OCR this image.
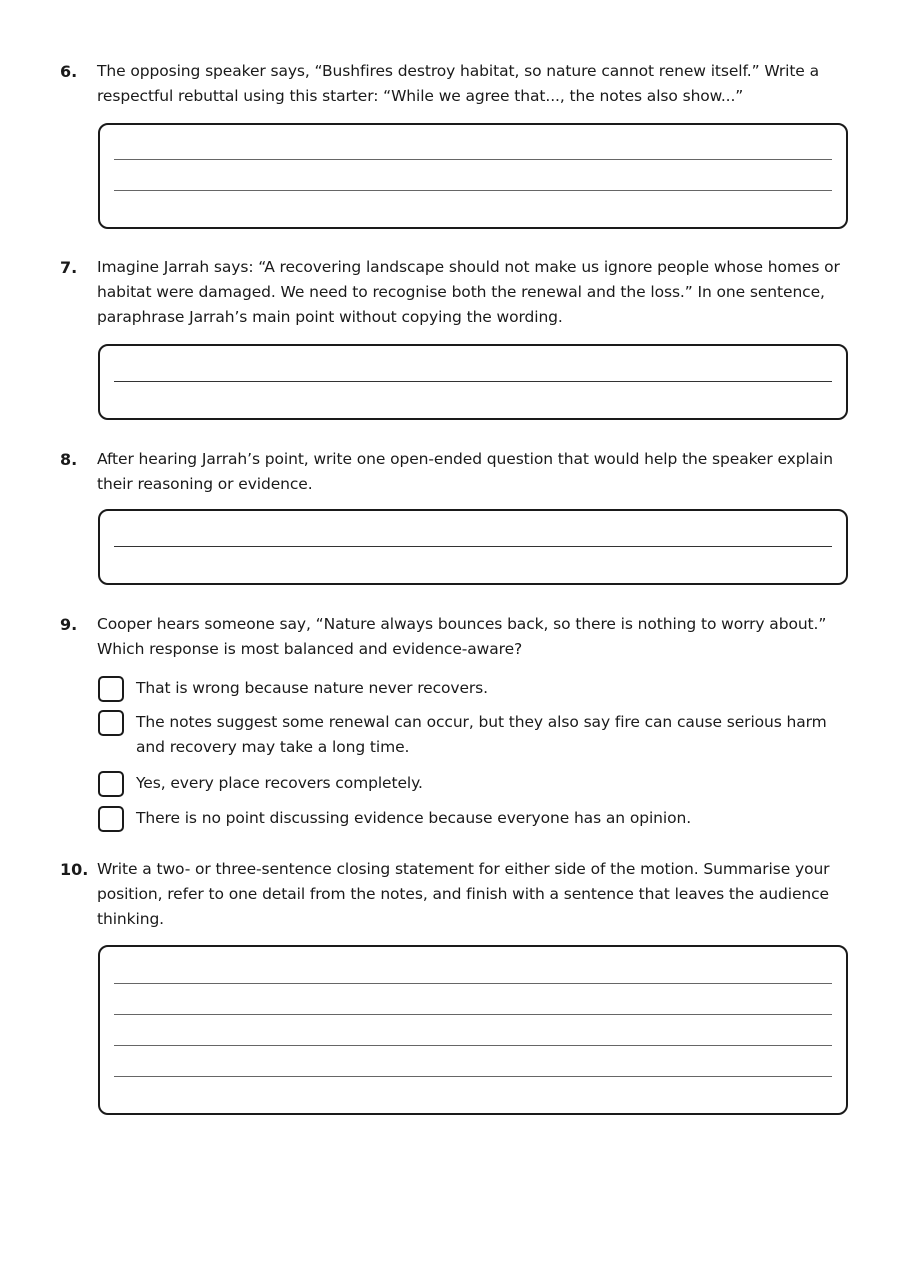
6. The opposing speaker says, “Bushfires destroy habitat, so nature cannot renew itself.” Write a respectful rebuttal using this starter: “While we agree that..., the notes also show...”

7. Imagine Jarrah says: “A recovering landscape should not make us ignore people whose homes or habitat were damaged. We need to recognise both the renewal and the loss.” In one sentence, paraphrase Jarrah’s main point without copying the wording.

8. After hearing Jarrah’s point, write one open-ended question that would help the speaker explain their reasoning or evidence.

9. Cooper hears someone say, “Nature always bounces back, so there is nothing to worry about.” Which response is most balanced and evidence-aware?

That is wrong because nature never recovers.

The notes suggest some renewal can occur, but they also say fire can cause serious harm and recovery may take a long time.

Yes, every place recovers completely.

There is no point discussing evidence because everyone has an opinion.

10. Write a two- or three-sentence closing statement for either side of the motion. Summarise your position, refer to one detail from the notes, and finish with a sentence that leaves the audience thinking.
